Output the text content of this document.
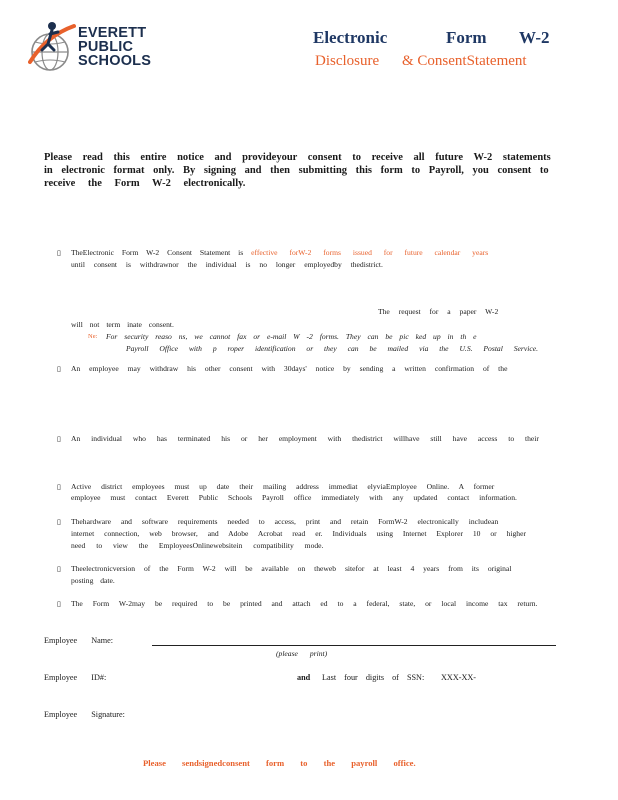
EVERETT
PUBLIC
SCHOOLS
Electronic	Form W-2
Disclosure & ConsentStatement
Please read this entire notice and provideyour consent to receive all future W-2 statements
in electronic format only. By signing and then submitting this form to Payroll, you consent to
receive the Form W-2 electronically.
▯ TheElectronic Form W-2 Consent Statement is effective forW-2 forms issued for future calendar years
until consent is withdrawnor the individual is no longer employedby thedistrict.
The request for a paper W-2
will not term inate consent.
Ne: For security reaso ns, we cannot fax or e-mail W -2 forms. They can be pic ked up in th e
Payroll Office with p roper identification or they can be mailed via the U.S. Postal Service.
▯ An employee may withdraw his other consent with 30days' notice by sending a written confirmation of the
▯ An individual who has terminated his or her employment with thedistrict willhave still have access to their
▯ Active district employees must up date their mailing address immediat elyviaEmployee Online. A former
employee must contact Everett Public Schools Payroll office immediately with any updated contact information.
▯ Thehardware and software requirements needed to access, print and retain FormW-2 electronically includean
internet connection, web browser, and Adobe Acrobat read er. Individuals using Internet Explorer 10 or higher
need to view the EmployeesOnlinewebsitein compatibility mode.
▯ Theelectronicversion of the Form W-2 will be available on theweb sitefor at least 4 years from its original
posting date.
▯ The Form W-2may be required to be printed and attach ed to a federal, state, or local income tax return.
Employee Name:
(please print)
Employee ID#:	and Last four digits of SSN: XXX-XX-
Employee Signature:
Please sendsignedconsent form to the payroll office.
